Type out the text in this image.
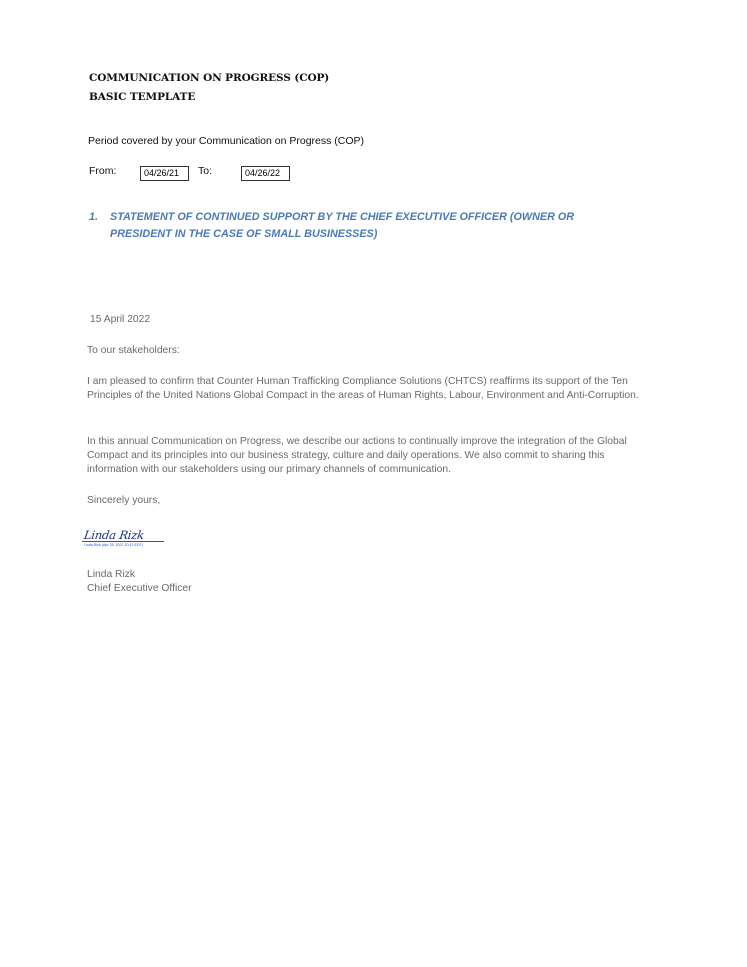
COMMUNICATION ON PROGRESS (COP)
BASIC TEMPLATE
Period covered by your Communication on Progress (COP)
From:	04/26/21	To:	04/26/22
1. STATEMENT OF CONTINUED SUPPORT BY THE CHIEF EXECUTIVE OFFICER (OWNER OR PRESIDENT IN THE CASE OF SMALL BUSINESSES)
15 April 2022
To our stakeholders:
I am pleased to confirm that Counter Human Trafficking Compliance Solutions (CHTCS) reaffirms its support of the Ten Principles of the United Nations Global Compact in the areas of Human Rights, Labour, Environment and Anti-Corruption.
In this annual Communication on Progress, we describe our actions to continually improve the integration of the Global Compact and its principles into our business strategy, culture and daily operations. We also commit to sharing this information with our stakeholders using our primary channels of communication.
Sincerely yours,
Linda Rizk
Linda Rizk (Apr 25, 2022 10:13 EDT)
Linda Rizk
Chief Executive Officer
